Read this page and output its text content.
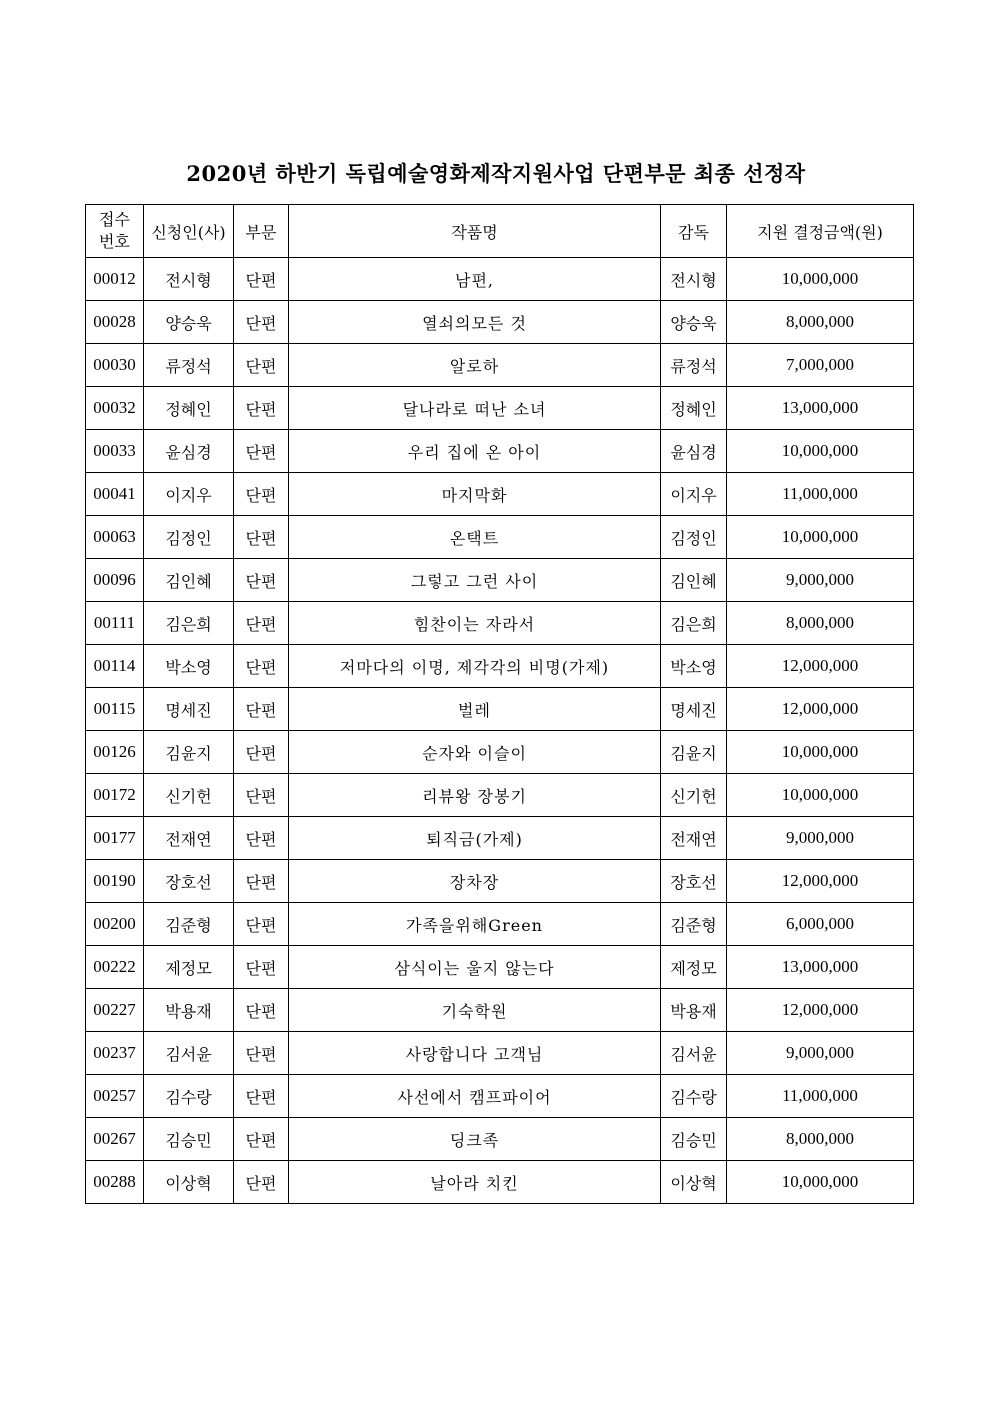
2020년 하반기 독립예술영화제작지원사업 단편부문 최종 선정작
접수
번호	신청인(사)	부문	작품명	감독	지원 결정금액(원)
00012	전시형	단편	남편,	전시형	10,000,000
00028	양승욱	단편	열쇠의모든 것	양승욱	8,000,000
00030	류정석	단편	알로하	류정석	7,000,000
00032	정혜인	단편	달나라로 떠난 소녀	정혜인	13,000,000
00033	윤심경	단편	우리 집에 온 아이	윤심경	10,000,000
00041	이지우	단편	마지막화	이지우	11,000,000
00063	김정인	단편	온택트	김정인	10,000,000
00096	김인혜	단편	그렇고 그런 사이	김인혜	9,000,000
00111	김은희	단편	힘찬이는 자라서	김은희	8,000,000
00114	박소영	단편	저마다의 이명, 제각각의 비명(가제)	박소영	12,000,000
00115	명세진	단편	벌레	명세진	12,000,000
00126	김윤지	단편	순자와 이슬이	김윤지	10,000,000
00172	신기헌	단편	리뷰왕 장봉기	신기헌	10,000,000
00177	전재연	단편	퇴직금(가제)	전재연	9,000,000
00190	장호선	단편	장차장	장호선	12,000,000
00200	김준형	단편	가족을위해Green	김준형	6,000,000
00222	제정모	단편	삼식이는 울지 않는다	제정모	13,000,000
00227	박용재	단편	기숙학원	박용재	12,000,000
00237	김서윤	단편	사랑합니다 고객님	김서윤	9,000,000
00257	김수랑	단편	사선에서 캠프파이어	김수랑	11,000,000
00267	김승민	단편	딩크족	김승민	8,000,000
00288	이상혁	단편	날아라 치킨	이상혁	10,000,000
